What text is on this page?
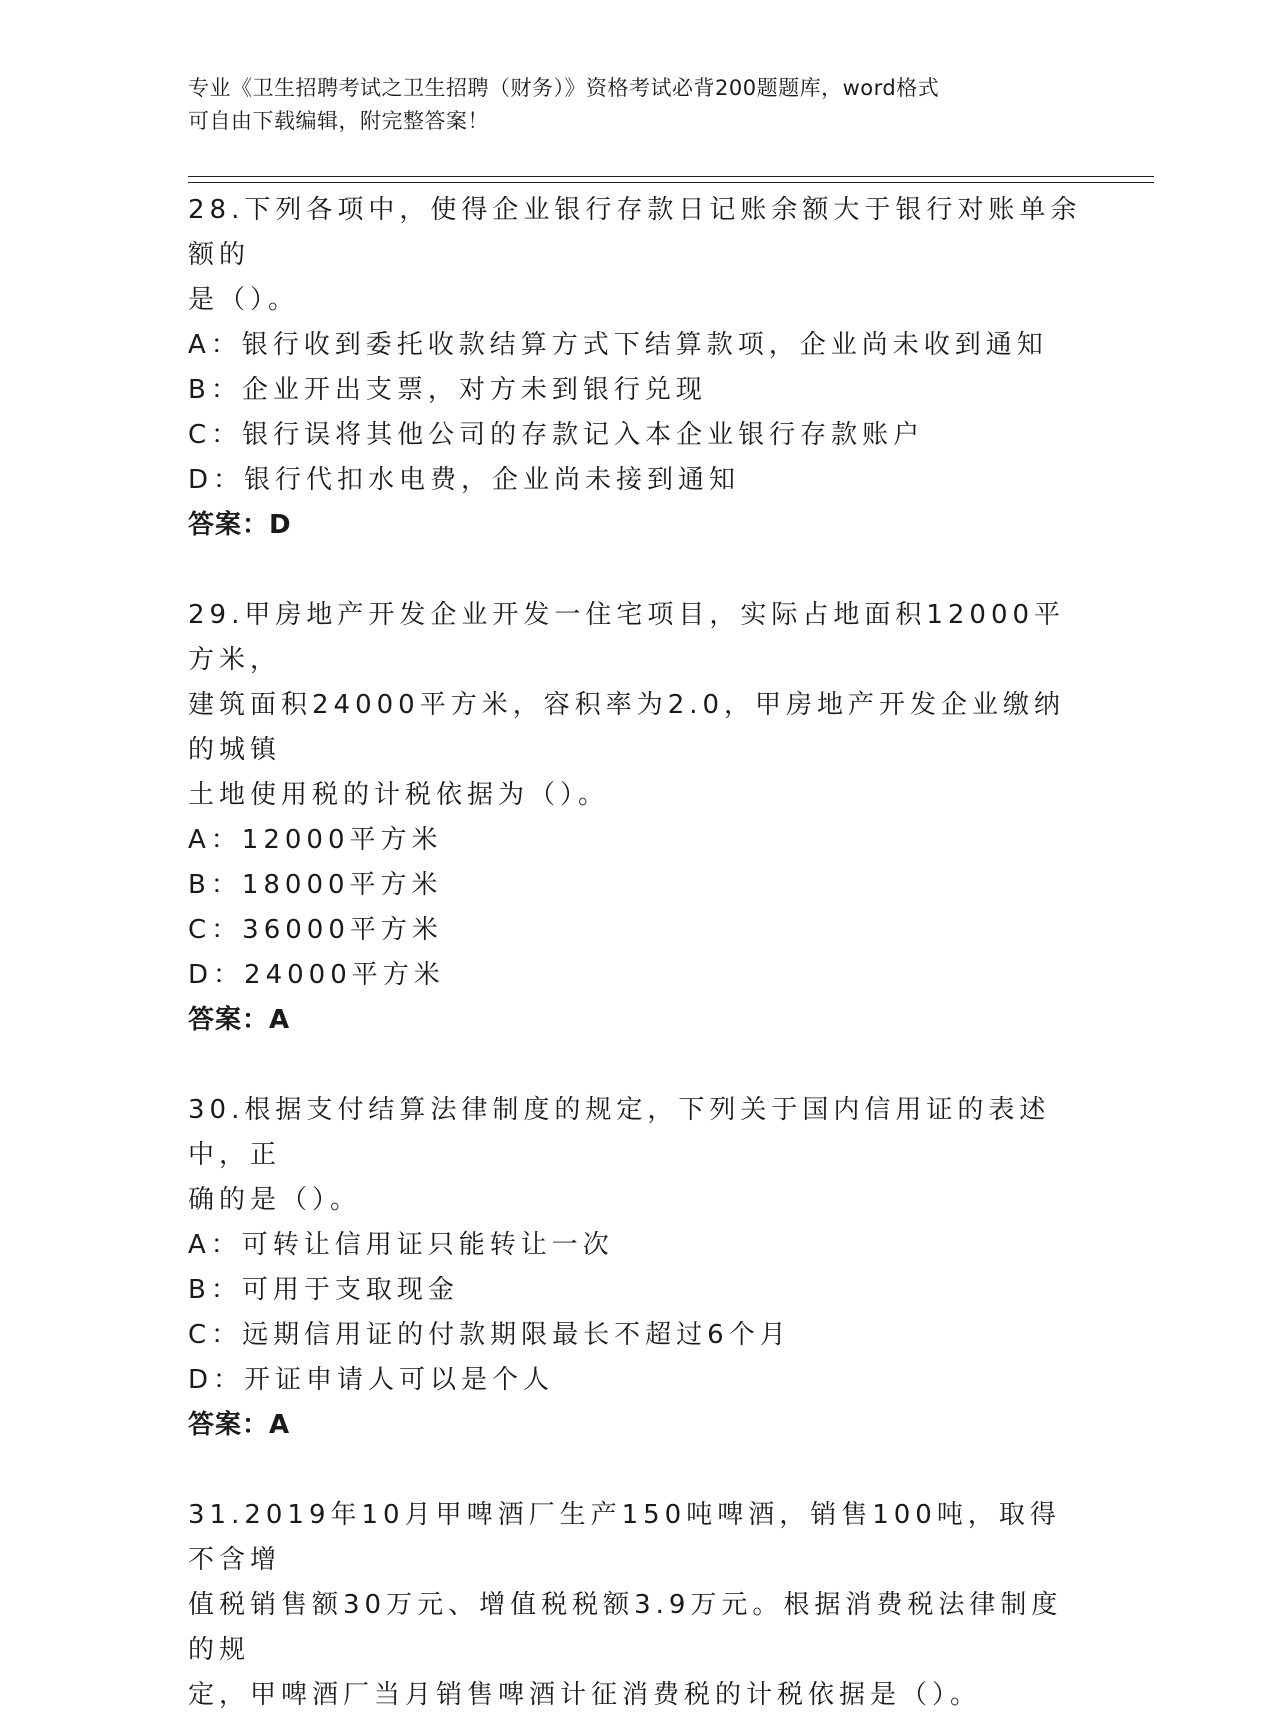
专业《卫生招聘考试之卫生招聘（财务）》资格考试必背200题题库，word格式
可自由下载编辑，附完整答案！

28.下列各项中，使得企业银行存款日记账余额大于银行对账单余额的

是（）。

A：银行收到委托收款结算方式下结算款项，企业尚未收到通知

B：企业开出支票，对方未到银行兑现

C：银行误将其他公司的存款记入本企业银行存款账户

D：银行代扣水电费，企业尚未接到通知

答案：D

29.甲房地产开发企业开发一住宅项目，实际占地面积12000平方米，

建筑面积24000平方米，容积率为2.0，甲房地产开发企业缴纳的城镇

土地使用税的计税依据为（）。

A：12000平方米

B：18000平方米

C：36000平方米

D：24000平方米

答案：A

30.根据支付结算法律制度的规定，下列关于国内信用证的表述中，正

确的是（）。

A：可转让信用证只能转让一次

B：可用于支取现金

C：远期信用证的付款期限最长不超过6个月

D：开证申请人可以是个人

答案：A

31.2019年10月甲啤酒厂生产150吨啤酒，销售100吨，取得不含增

值税销售额30万元、增值税税额3.9万元。根据消费税法律制度的规

定，甲啤酒厂当月销售啤酒计征消费税的计税依据是（）。
